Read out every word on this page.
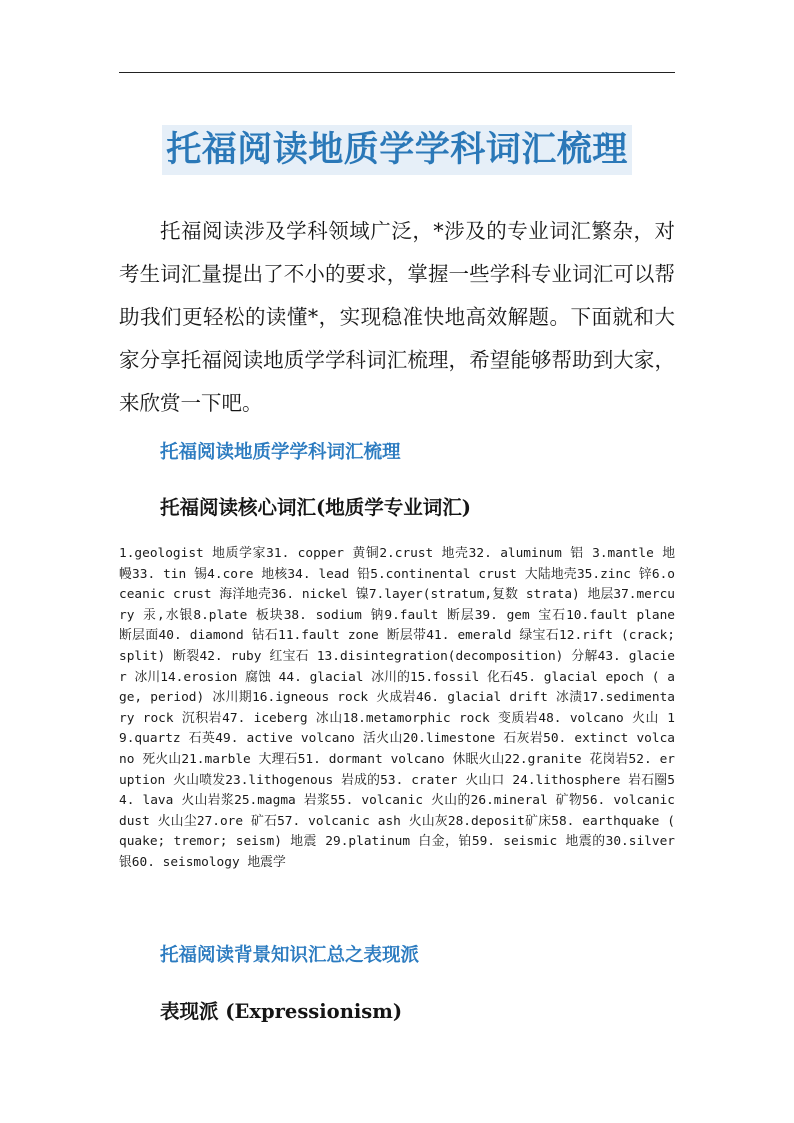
托福阅读地质学学科词汇梳理

托福阅读涉及学科领域广泛，*涉及的专业词汇繁杂，对考生词汇量提出了不小的要求，掌握一些学科专业词汇可以帮助我们更轻松的读懂*，实现稳准快地高效解题。下面就和大家分享托福阅读地质学学科词汇梳理，希望能够帮助到大家，来欣赏一下吧。

托福阅读地质学学科词汇梳理
托福阅读核心词汇(地质学专业词汇)

1.geologist 地质学家31. copper 黄铜2.crust 地壳32. aluminum 铝 3.mantle 地幔33. tin 锡4.core 地核34. lead 铅5.continental crust 大陆地壳35.zinc 锌6.oceanic crust 海洋地壳36. nickel 镍7.layer(stratum,复数 strata) 地层37.mercury 汞,水银8.plate 板块38. sodium 钠9.fault 断层39. gem 宝石10.fault plane 断层面40. diamond 钻石11.fault zone 断层带41. emerald 绿宝石12.rift (crack; split) 断裂42. ruby 红宝石 13.disintegration(decomposition) 分解43. glacier 冰川14.erosion 腐蚀 44. glacial 冰川的15.fossil 化石45. glacial epoch ( age, period) 冰川期16.igneous rock 火成岩46. glacial drift 冰渍17.sedimentary rock 沉积岩47. iceberg 冰山18.metamorphic rock 变质岩48. volcano 火山 19.quartz 石英49. active volcano 活火山20.limestone 石灰岩50. extinct volcano 死火山21.marble 大理石51. dormant volcano 休眠火山22.granite 花岗岩52. eruption 火山喷发23.lithogenous 岩成的53. crater 火山口 24.lithosphere 岩石圈54. lava 火山岩浆25.magma 岩浆55. volcanic 火山的26.mineral 矿物56. volcanic dust 火山尘27.ore 矿石57. volcanic ash 火山灰28.deposit矿床58. earthquake ( quake; tremor; seism) 地震 29.platinum 白金，铂59. seismic 地震的30.silver 银60. seismology 地震学

托福阅读背景知识汇总之表现派
表现派 (Expressionism)
